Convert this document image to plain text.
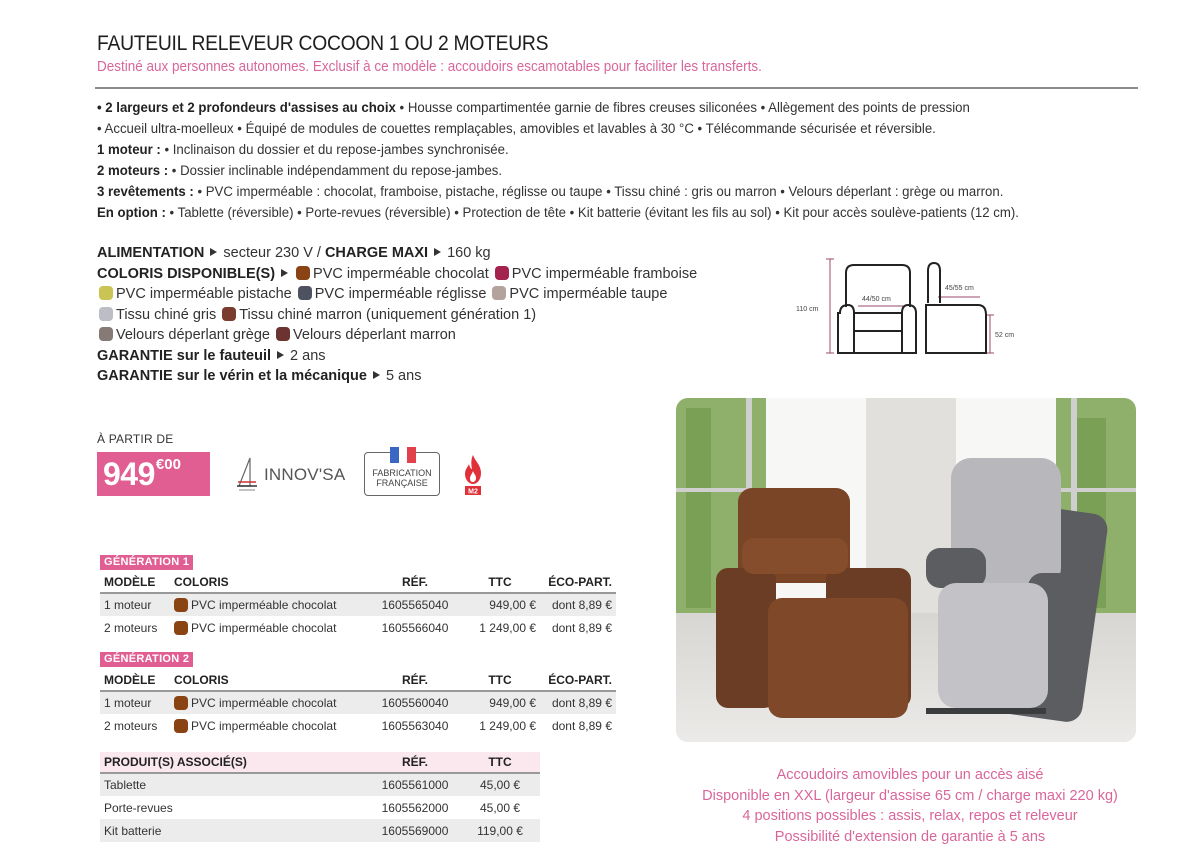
FAUTEUIL RELEVEUR COCOON 1 OU 2 MOTEURS
Destiné aux personnes autonomes. Exclusif à ce modèle : accoudoirs escamotables pour faciliter les transferts.
• 2 largeurs et 2 profondeurs d'assises au choix • Housse compartimentée garnie de fibres creuses siliconées • Allègement des points de pression
• Accueil ultra-moelleux • Équipé de modules de couettes remplaçables, amovibles et lavables à 30 °C • Télécommande sécurisée et réversible.
1 moteur : • Inclinaison du dossier et du repose-jambes synchronisée.
2 moteurs : • Dossier inclinable indépendamment du repose-jambes.
3 revêtements : • PVC imperméable : chocolat, framboise, pistache, réglisse ou taupe • Tissu chiné : gris ou marron • Velours déperlant : grège ou marron.
En option : • Tablette (réversible) • Porte-revues (réversible) • Protection de tête • Kit batterie (évitant les fils au sol) • Kit pour accès soulève-patients (12 cm).
ALIMENTATION secteur 230 V / CHARGE MAXI 160 kg
COLORIS DISPONIBLE(S)	PVC imperméable chocolat PVC imperméable framboise
PVC imperméable pistache PVC imperméable réglisse PVC imperméable taupe
Tissu chiné gris Tissu chiné marron (uniquement génération 1)
Velours déperlant grège Velours déperlant marron
GARANTIE sur le fauteuil 2 ans
GARANTIE sur le vérin et la mécanique 5 ans
110 cm
44/50 cm
45/55 cm
52 cm
À PARTIR DE
949 €00
INNOV'SA	FABRICATION
FRANÇAISE
M2
GÉNÉRATION 1
MODÈLE	COLORIS	RÉF.	TTC	ÉCO-PART.
1 moteur	PVC imperméable chocolat	1605565040	949,00 €	dont 8,89 €
2 moteurs	PVC imperméable chocolat	1605566040	1 249,00 €	dont 8,89 €
GÉNÉRATION 2
MODÈLE	COLORIS	RÉF.	TTC	ÉCO-PART.
1 moteur	PVC imperméable chocolat	1605560040	949,00 €	dont 8,89 €
2 moteurs	PVC imperméable chocolat	1605563040	1 249,00 €	dont 8,89 €
PRODUIT(S) ASSOCIÉ(S)	RÉF.	TTC
Tablette	1605561000	45,00 €
Porte-revues	1605562000	45,00 €
Kit batterie	1605569000	119,00 €
Accoudoirs amovibles pour un accès aisé
Disponible en XXL (largeur d'assise 65 cm / charge maxi 220 kg)
4 positions possibles : assis, relax, repos et releveur
Possibilité d'extension de garantie à 5 ans
